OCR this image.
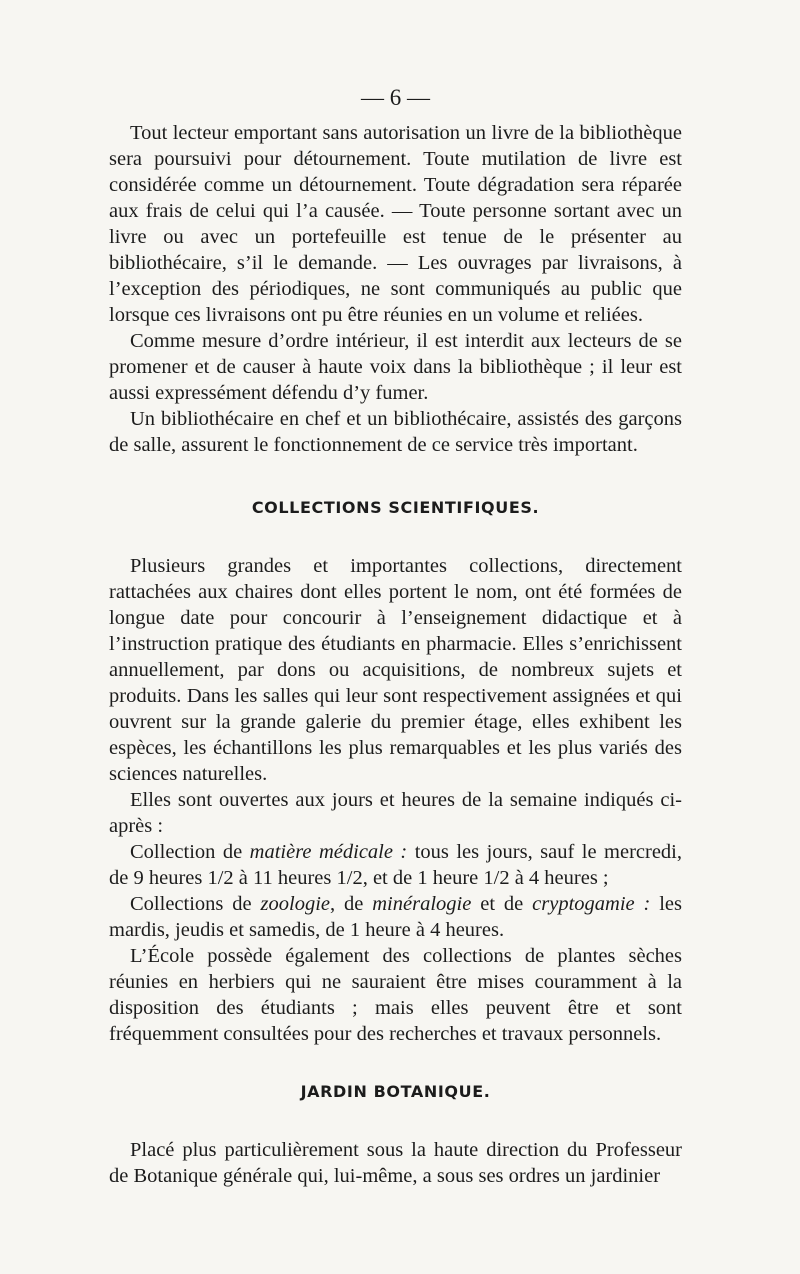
— 6 —

Tout lecteur emportant sans autorisation un livre de la bibliothèque sera poursuivi pour détournement. Toute mutilation de livre est considérée comme un détournement. Toute dégradation sera réparée aux frais de celui qui l’a causée. — Toute personne sortant avec un livre ou avec un portefeuille est tenue de le présenter au bibliothécaire, s’il le demande. — Les ouvrages par livraisons, à l’exception des périodiques, ne sont communiqués au public que lorsque ces livraisons ont pu être réunies en un volume et reliées.

Comme mesure d’ordre intérieur, il est interdit aux lecteurs de se promener et de causer à haute voix dans la bibliothèque ; il leur est aussi expressément défendu d’y fumer.

Un bibliothécaire en chef et un bibliothécaire, assistés des garçons de salle, assurent le fonctionnement de ce service très important.

COLLECTIONS SCIENTIFIQUES.

Plusieurs grandes et importantes collections, directement rattachées aux chaires dont elles portent le nom, ont été formées de longue date pour concourir à l’enseignement didactique et à l’instruction pratique des étudiants en pharmacie. Elles s’enrichissent annuellement, par dons ou acquisitions, de nombreux sujets et produits. Dans les salles qui leur sont respectivement assignées et qui ouvrent sur la grande galerie du premier étage, elles exhibent les espèces, les échantillons les plus remarquables et les plus variés des sciences naturelles.

Elles sont ouvertes aux jours et heures de la semaine indiqués ci-après :

Collection de matière médicale : tous les jours, sauf le mercredi, de 9 heures 1/2 à 11 heures 1/2, et de 1 heure 1/2 à 4 heures ;

Collections de zoologie, de minéralogie et de cryptogamie : les mardis, jeudis et samedis, de 1 heure à 4 heures.

L’École possède également des collections de plantes sèches réunies en herbiers qui ne sauraient être mises couramment à la disposition des étudiants ; mais elles peuvent être et sont fréquemment consultées pour des recherches et travaux personnels.

JARDIN BOTANIQUE.

Placé plus particulièrement sous la haute direction du Professeur de Botanique générale qui, lui-même, a sous ses ordres un jardinier
